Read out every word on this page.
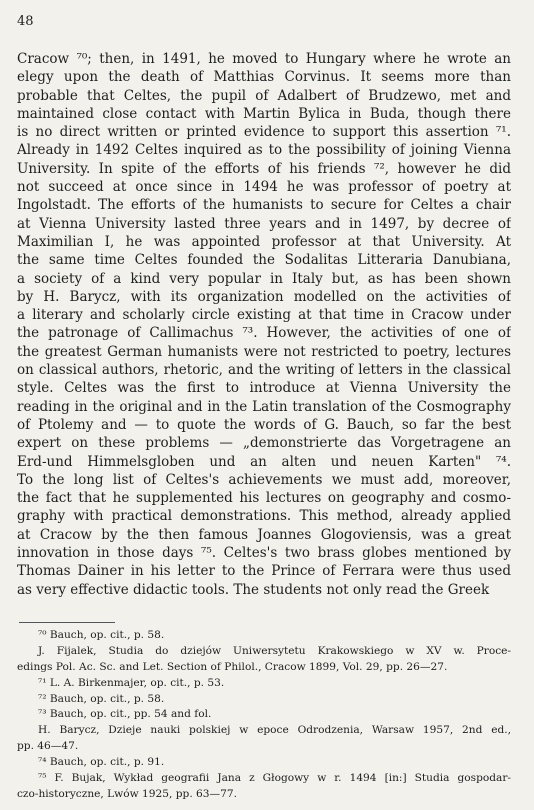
48
Cracow ⁷⁰; then, in 1491, he moved to Hungary where he wrote an
elegy upon the death of Matthias Corvinus. It seems more than
probable that Celtes, the pupil of Adalbert of Brudzewo, met and
maintained close contact with Martin Bylica in Buda, though there
is no direct written or printed evidence to support this assertion ⁷¹.
Already in 1492 Celtes inquired as to the possibility of joining Vienna
University. In spite of the efforts of his friends ⁷², however he did
not succeed at once since in 1494 he was professor of poetry at
Ingolstadt. The efforts of the humanists to secure for Celtes a chair
at Vienna University lasted three years and in 1497, by decree of
Maximilian I, he was appointed professor at that University. At
the same time Celtes founded the Sodalitas Litteraria Danubiana,
a society of a kind very popular in Italy but, as has been shown
by H. Barycz, with its organization modelled on the activities of
a literary and scholarly circle existing at that time in Cracow under
the patronage of Callimachus ⁷³. However, the activities of one of
the greatest German humanists were not restricted to poetry, lectures
on classical authors, rhetoric, and the writing of letters in the classical
style. Celtes was the first to introduce at Vienna University the
reading in the original and in the Latin translation of the Cosmography
of Ptolemy and — to quote the words of G. Bauch, so far the best
expert on these problems — „demonstrierte das Vorgetragene an
Erd-und Himmelsgloben und an alten und neuen Karten" ⁷⁴.
To the long list of Celtes's achievements we must add, moreover,
the fact that he supplemented his lectures on geography and cosmo-
graphy with practical demonstrations. This method, already applied
at Cracow by the then famous Joannes Glogoviensis, was a great
innovation in those days ⁷⁵. Celtes's two brass globes mentioned by
Thomas Dainer in his letter to the Prince of Ferrara were thus used
as very effective didactic tools. The students not only read the Greek
⁷⁰ Bauch, op. cit., p. 58.
J. Fijalek, Studia do dziejów Uniwersytetu Krakowskiego w XV w. Proce-
edings Pol. Ac. Sc. and Let. Section of Philol., Cracow 1899, Vol. 29, pp. 26—27.
⁷¹ L. A. Birkenmajer, op. cit., p. 53.
⁷² Bauch, op. cit., p. 58.
⁷³ Bauch, op. cit., pp. 54 and fol.
H. Barycz, Dzieje nauki polskiej w epoce Odrodzenia, Warsaw 1957, 2nd ed.,
pp. 46—47.
⁷⁴ Bauch, op. cit., p. 91.
⁷⁵ F. Bujak, Wykład geografii Jana z Głogowy w r. 1494 [in:] Studia gospodar-
czo-historyczne, Lwów 1925, pp. 63—77.
